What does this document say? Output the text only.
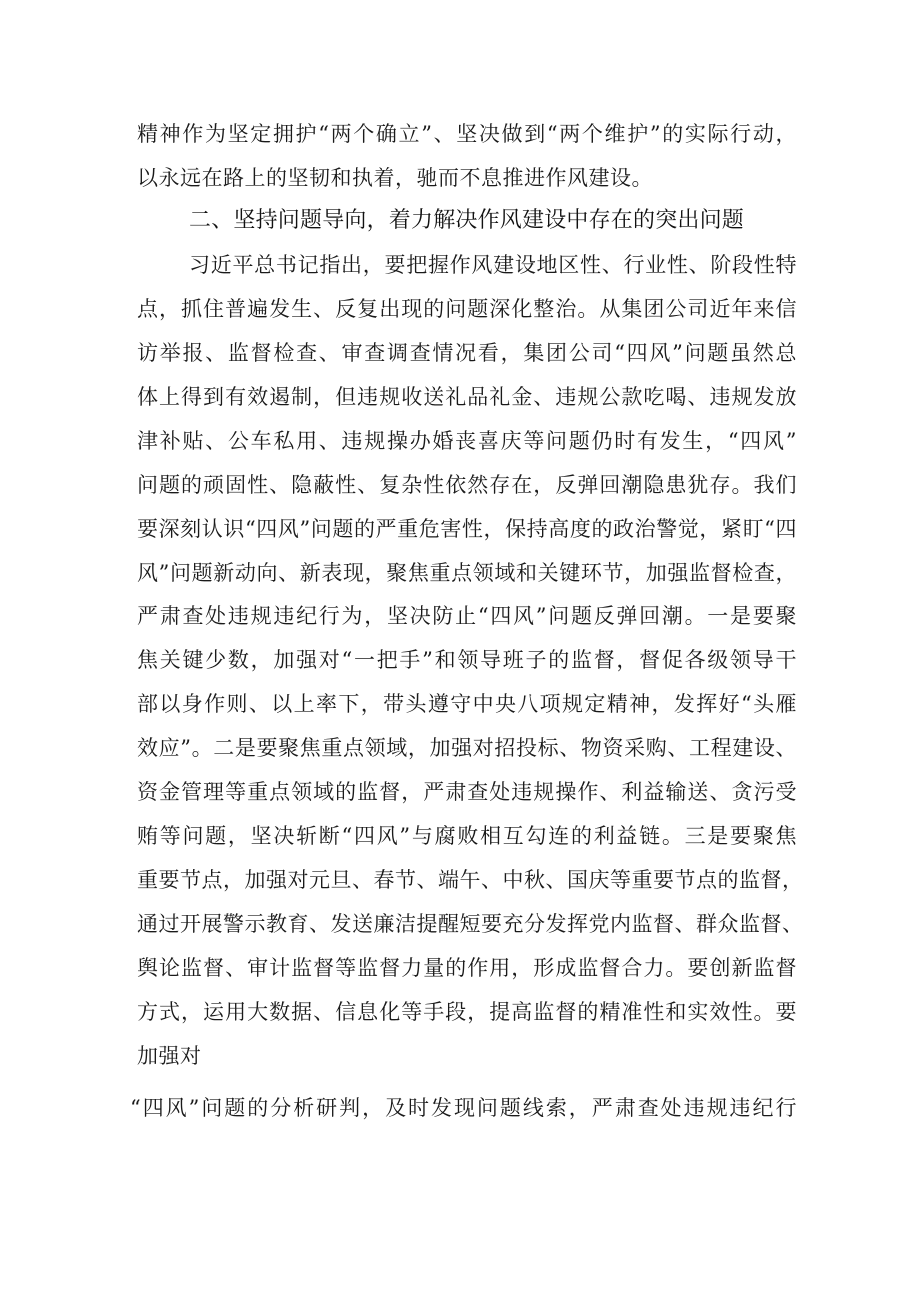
精神作为坚定拥护“两个确立”、坚决做到“两个维护”的实际行动，
以永远在路上的坚韧和执着，驰而不息推进作风建设。
二、坚持问题导向，着力解决作风建设中存在的突出问题
习近平总书记指出，要把握作风建设地区性、行业性、阶段性特
点，抓住普遍发生、反复出现的问题深化整治。从集团公司近年来信
访举报、监督检查、审查调查情况看，集团公司“四风”问题虽然总
体上得到有效遏制，但违规收送礼品礼金、违规公款吃喝、违规发放
津补贴、公车私用、违规操办婚丧喜庆等问题仍时有发生，“四风”
问题的顽固性、隐蔽性、复杂性依然存在，反弹回潮隐患犹存。我们
要深刻认识“四风”问题的严重危害性，保持高度的政治警觉，紧盯“四
风”问题新动向、新表现，聚焦重点领域和关键环节，加强监督检查，
严肃查处违规违纪行为，坚决防止“四风”问题反弹回潮。一是要聚
焦关键少数，加强对“一把手”和领导班子的监督，督促各级领导干
部以身作则、以上率下，带头遵守中央八项规定精神，发挥好“头雁
效应”。二是要聚焦重点领域，加强对招投标、物资采购、工程建设、
资金管理等重点领域的监督，严肃查处违规操作、利益输送、贪污受
贿等问题，坚决斩断“四风”与腐败相互勾连的利益链。三是要聚焦
重要节点，加强对元旦、春节、端午、中秋、国庆等重要节点的监督，
通过开展警示教育、发送廉洁提醒短要充分发挥党内监督、群众监督、
舆论监督、审计监督等监督力量的作用，形成监督合力。要创新监督
方式，运用大数据、信息化等手段，提高监督的精准性和实效性。要
加强对
“四风”问题的分析研判，及时发现问题线索，严肃查处违规违纪行
